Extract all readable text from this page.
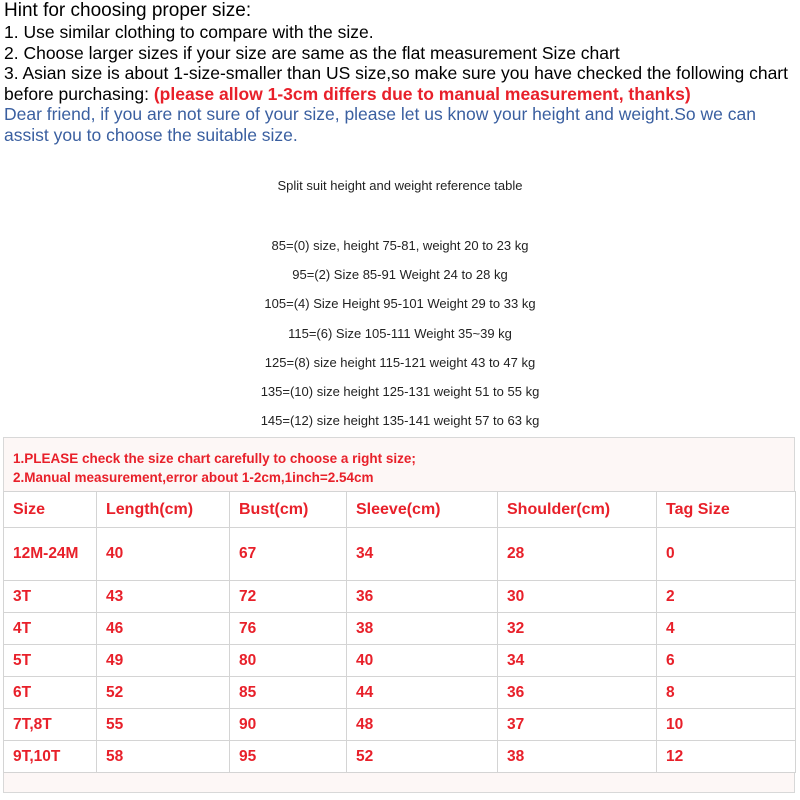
Hint for choosing proper size:
1. Use similar clothing to compare with the size.
2. Choose larger sizes if your size are same as the flat measurement Size chart
3. Asian size is about 1-size-smaller than US size,so make sure you have checked the following chart before purchasing: (please allow 1-3cm differs due to manual measurement, thanks)
Dear friend, if you are not sure of your size, please let us know your height and weight.So we can assist you to choose the suitable size.
Split suit height and weight reference table
85=(0) size, height 75-81, weight 20 to 23 kg
95=(2) Size 85-91 Weight 24 to 28 kg
105=(4) Size Height 95-101 Weight 29 to 33 kg
115=(6) Size 105-111 Weight 35~39 kg
125=(8) size height 115-121 weight 43 to 47 kg
135=(10) size height 125-131 weight 51 to 55 kg
145=(12) size height 135-141 weight 57 to 63 kg
1.PLEASE check the size chart carefully to choose a right size;
2.Manual measurement,error about 1-2cm,1inch=2.54cm
Size	Length(cm)	Bust(cm)	Sleeve(cm)	Shoulder(cm)	Tag Size
12M-24M	40	67	34	28	0
3T	43	72	36	30	2
4T	46	76	38	32	4
5T	49	80	40	34	6
6T	52	85	44	36	8
7T,8T	55	90	48	37	10
9T,10T	58	95	52	38	12
